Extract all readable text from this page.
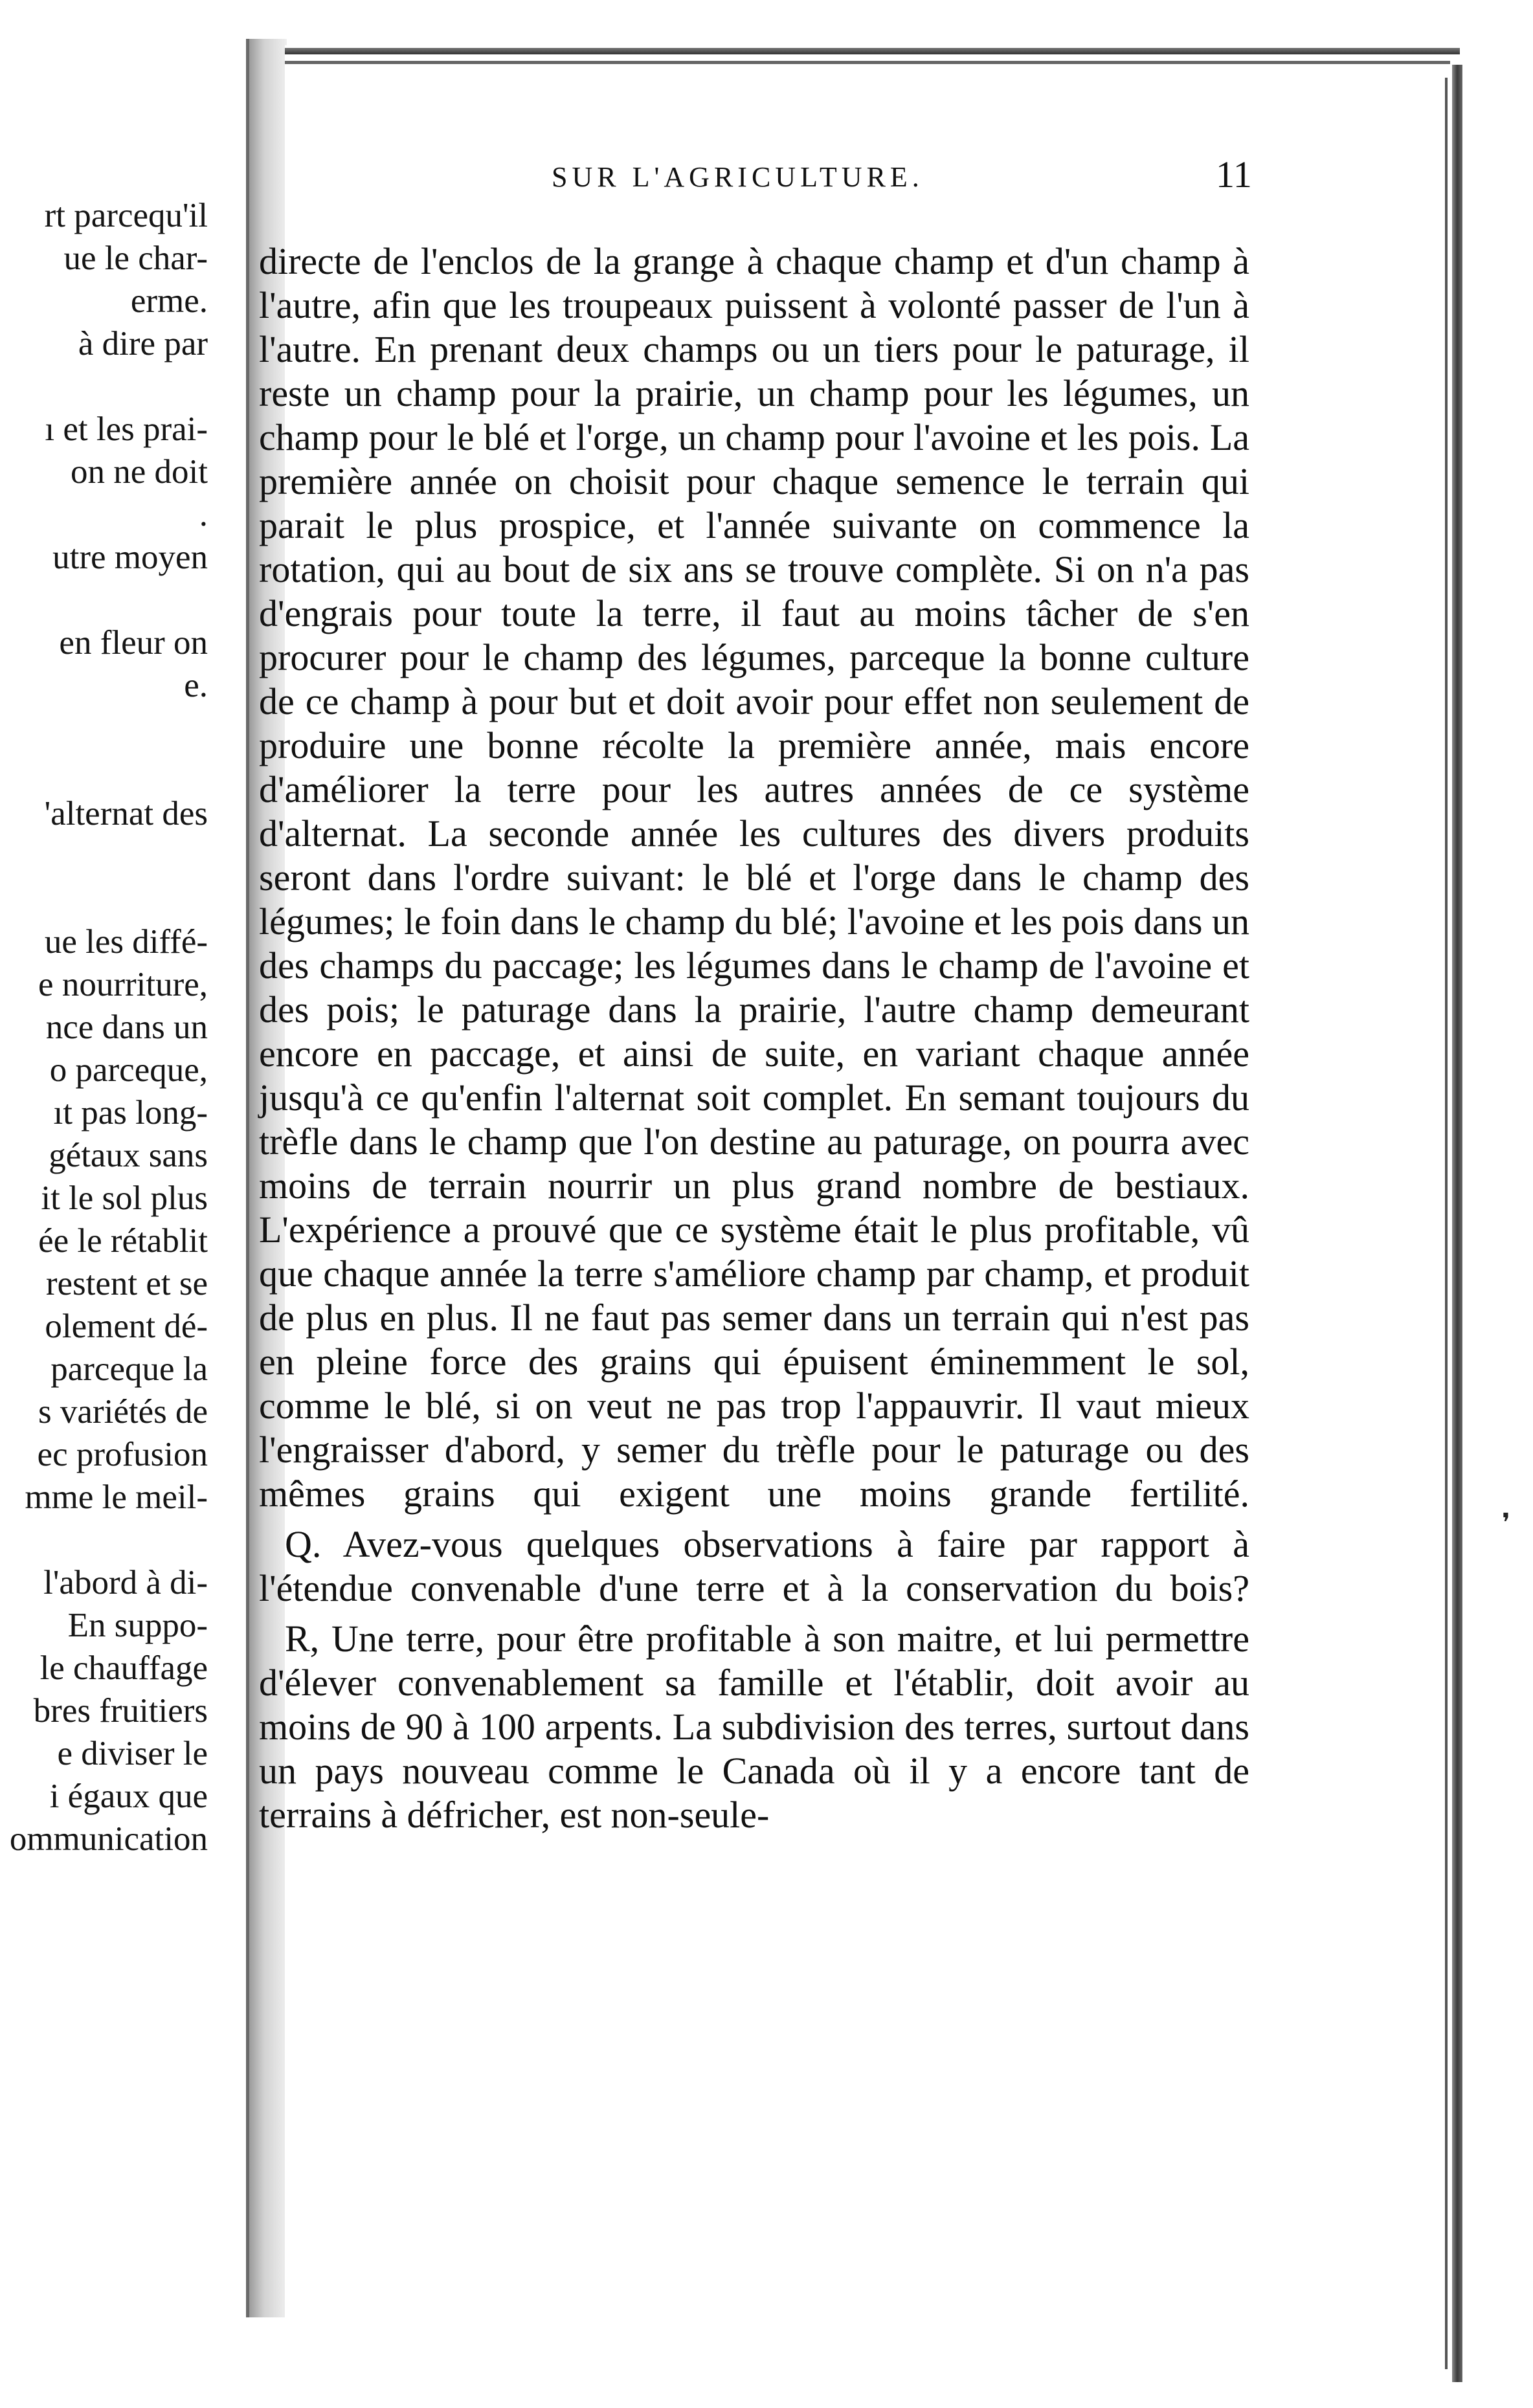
rt parcequ'il
ue le char-
erme.
à dire par
ı et les prai-
on ne doit
.
utre moyen
en fleur on
e.
'alternat des
ue les diffé-
e nourriture,
nce dans un
o parceque,
ıt pas long-
gétaux sans
it le sol plus
ée le rétablit
restent et se
olement dé-
parceque la
s variétés de
ec profusion
mme le meil-
l'abord à di-
En suppo-
le chauffage
bres fruitiers
e diviser le
i égaux que
ommunication
SUR L'AGRICULTURE.	11

directe de l'enclos de la grange à chaque champ et d'un champ à l'autre, afin que les troupeaux puissent à volonté passer de l'un à l'autre. En prenant deux champs ou un tiers pour le paturage, il reste un champ pour la prairie, un champ pour les légumes, un champ pour le blé et l'orge, un champ pour l'avoine et les pois. La première année on choisit pour chaque semence le terrain qui parait le plus prospice, et l'année suivante on commence la rotation, qui au bout de six ans se trouve complète. Si on n'a pas d'engrais pour toute la terre, il faut au moins tâcher de s'en procurer pour le champ des légumes, parceque la bonne culture de ce champ à pour but et doit avoir pour effet non seulement de produire une bonne récolte la première année, mais encore d'améliorer la terre pour les autres années de ce système d'alternat. La seconde année les cultures des divers produits seront dans l'ordre suivant: le blé et l'orge dans le champ des légumes; le foin dans le champ du blé; l'avoine et les pois dans un des champs du paccage; les légumes dans le champ de l'avoine et des pois; le paturage dans la prairie, l'autre champ demeurant encore en paccage, et ainsi de suite, en variant chaque année jusqu'à ce qu'enfin l'alternat soit complet. En semant toujours du trèfle dans le champ que l'on destine au paturage, on pourra avec moins de terrain nourrir un plus grand nombre de bestiaux. L'expérience a prouvé que ce système était le plus profitable, vû que chaque année la terre s'améliore champ par champ, et produit de plus en plus. Il ne faut pas semer dans un terrain qui n'est pas en pleine force des grains qui épuisent éminemment le sol, comme le blé, si on veut ne pas trop l'appauvrir. Il vaut mieux l'engraisser d'abord, y semer du trèfle pour le paturage ou des mêmes grains qui exigent une moins grande fertilité.

Q. Avez-vous quelques observations à faire par rapport à l'étendue convenable d'une terre et à la conservation du bois?

R, Une terre, pour être profitable à son maitre, et lui permettre d'élever convenablement sa famille et l'établir, doit avoir au moins de 90 à 100 arpents. La subdivision des terres, surtout dans un pays nouveau comme le Canada où il y a encore tant de terrains à défricher, est non-seule-

❜
